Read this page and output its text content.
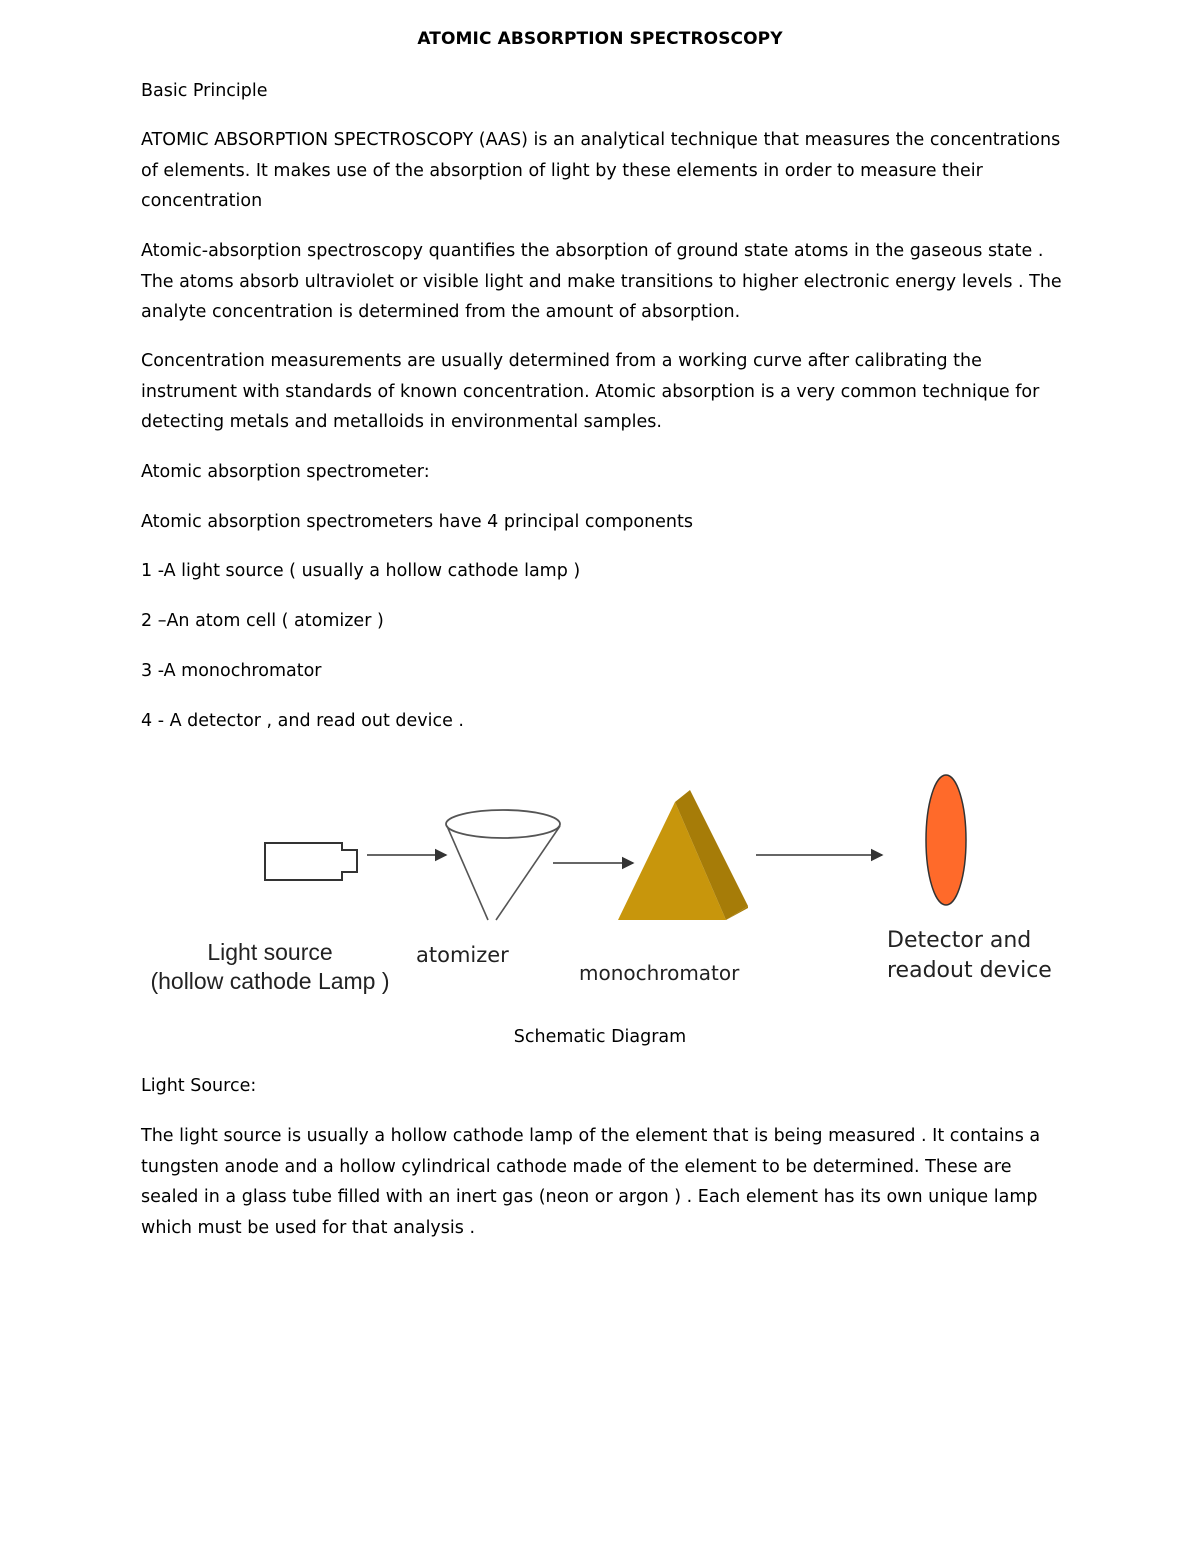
ATOMIC ABSORPTION SPECTROSCOPY
Basic Principle

ATOMIC ABSORPTION SPECTROSCOPY (AAS) is an analytical technique that measures the concentrations of elements. It makes use of the absorption of light by these elements in order to measure their concentration

Atomic-absorption spectroscopy quantifies the absorption of ground state atoms in the gaseous state . The atoms absorb ultraviolet or visible light and make transitions to higher electronic energy levels . The analyte concentration is determined from the amount of absorption.

Concentration measurements are usually determined from a working curve after calibrating the instrument with standards of known concentration. Atomic absorption is a very common technique for detecting metals and metalloids in environmental samples.

Atomic absorption spectrometer:
Atomic absorption spectrometers have 4 principal components
1 -A light source ( usually a hollow cathode lamp )
2 –An atom cell ( atomizer )
3 -A monochromator
4 - A detector , and read out device .
Light source
(hollow cathode Lamp )
atomizer
monochromator
Detector and
readout device
Schematic Diagram
Light Source:

The light source is usually a hollow cathode lamp of the element that is being measured . It contains a tungsten anode and a hollow cylindrical cathode made of the element to be determined. These are sealed in a glass tube filled with an inert gas (neon or argon ) . Each element has its own unique lamp which must be used for that analysis .
